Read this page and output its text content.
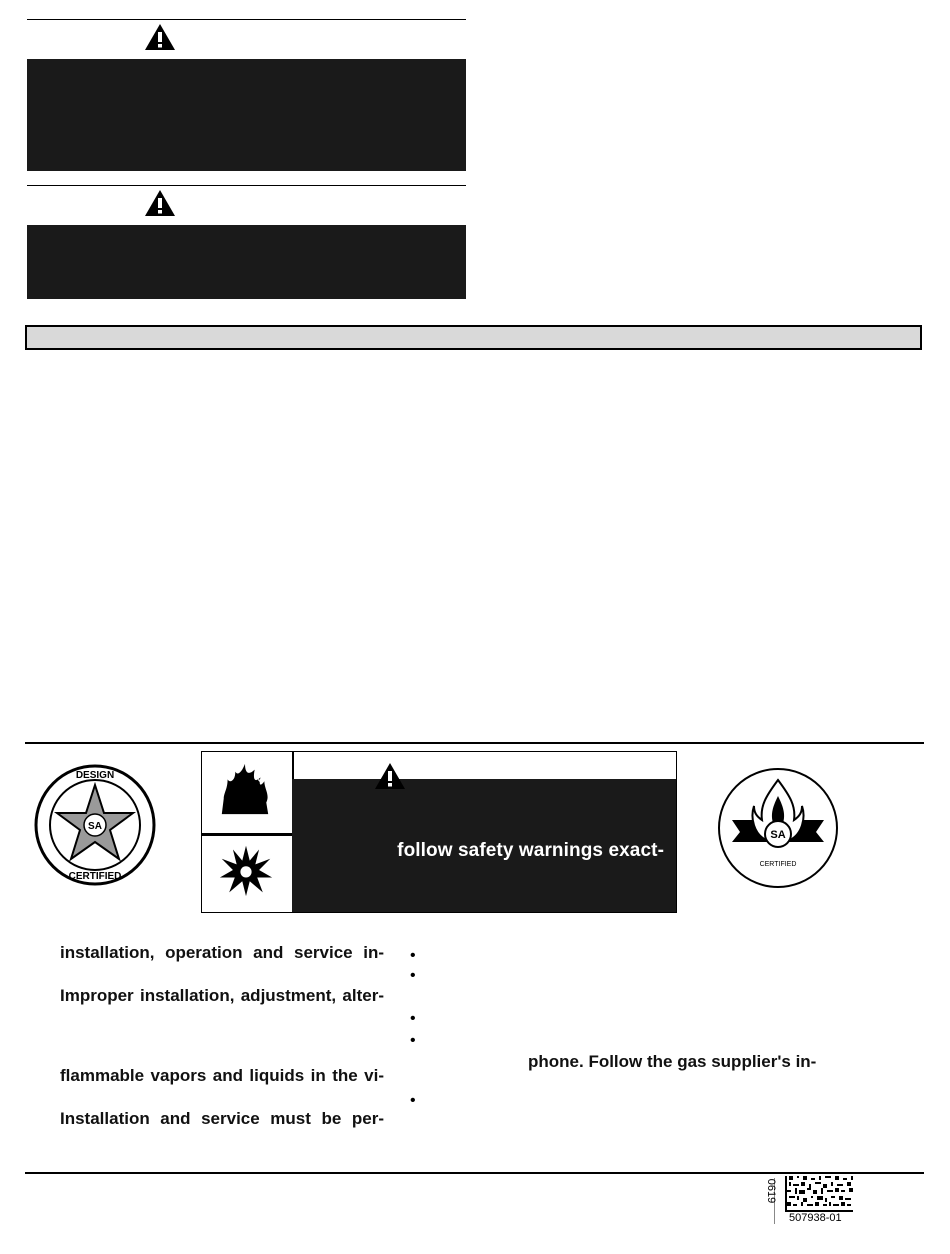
SA
DESIGN
CERTIFIED
follow safety warnings exact-
SA
CERTIFIED
installation, operation and service in-
Improper installation, adjustment, alter-
flammable vapors and liquids in the vi-
Installation and service must be per-
•
•
•
•
•
phone. Follow the gas supplier's in-
0619
507938-01
